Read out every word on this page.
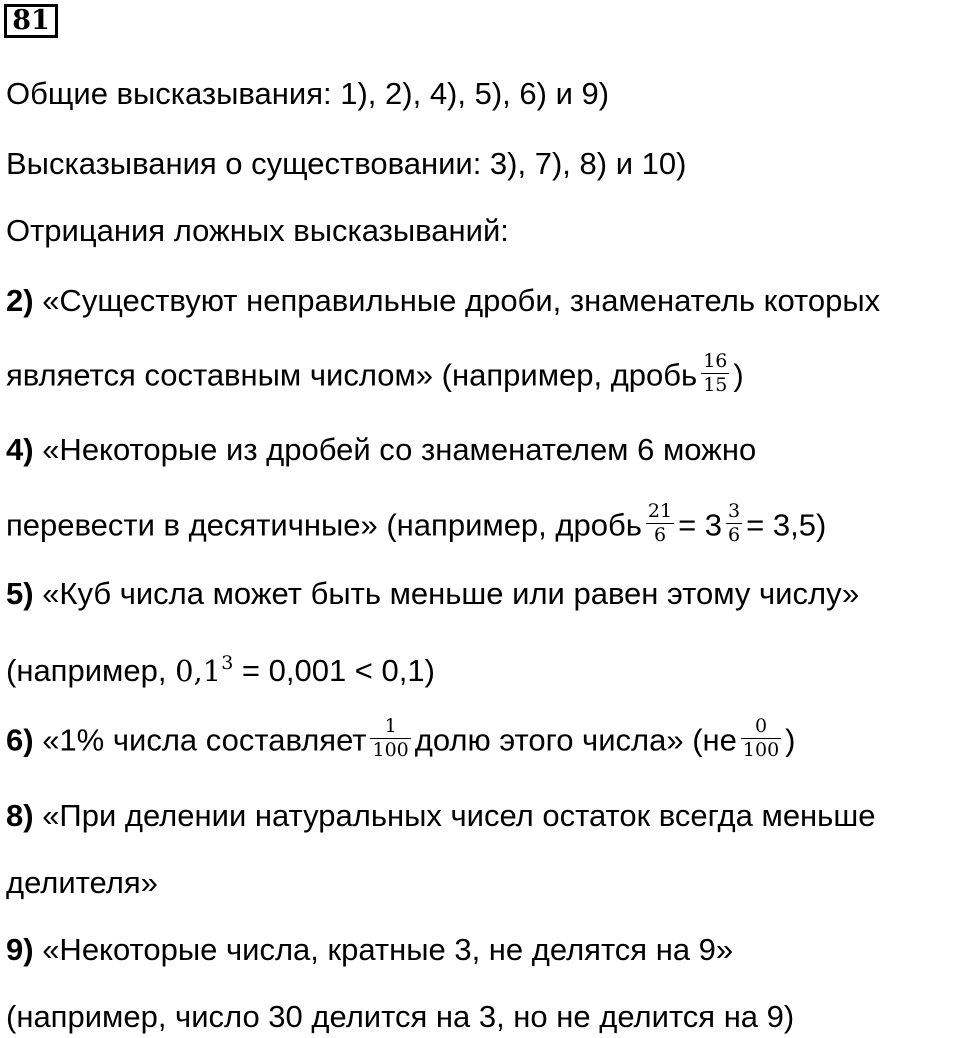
81
Общие высказывания: 1), 2), 4), 5), 6) и 9)
Высказывания о существовании: 3), 7), 8) и 10)
Отрицания ложных высказываний:
2) «Существуют неправильные дроби, знаменатель которых
является составным числом» (например, дробь $\frac{16}{15}$ )
4) «Некоторые из дробей со знаменателем 6 можно
перевести в десятичные» (например, дробь $\frac{21}{6} = 3 \frac{3}{6} = 3,5$)
5) «Куб числа может быть меньше или равен этому числу»
(например, $0,1^3 = 0,001 < 0,1$)
6) «1% числа составляет $\frac{1}{100}$ долю этого числа» ($не \frac{0}{100}$ )
8) «При делении натуральных чисел остаток всегда меньше
делителя»
9) «Некоторые числа, кратные 3, не делятся на 9»
(например, число 30 делится на 3, но не делится на 9)
